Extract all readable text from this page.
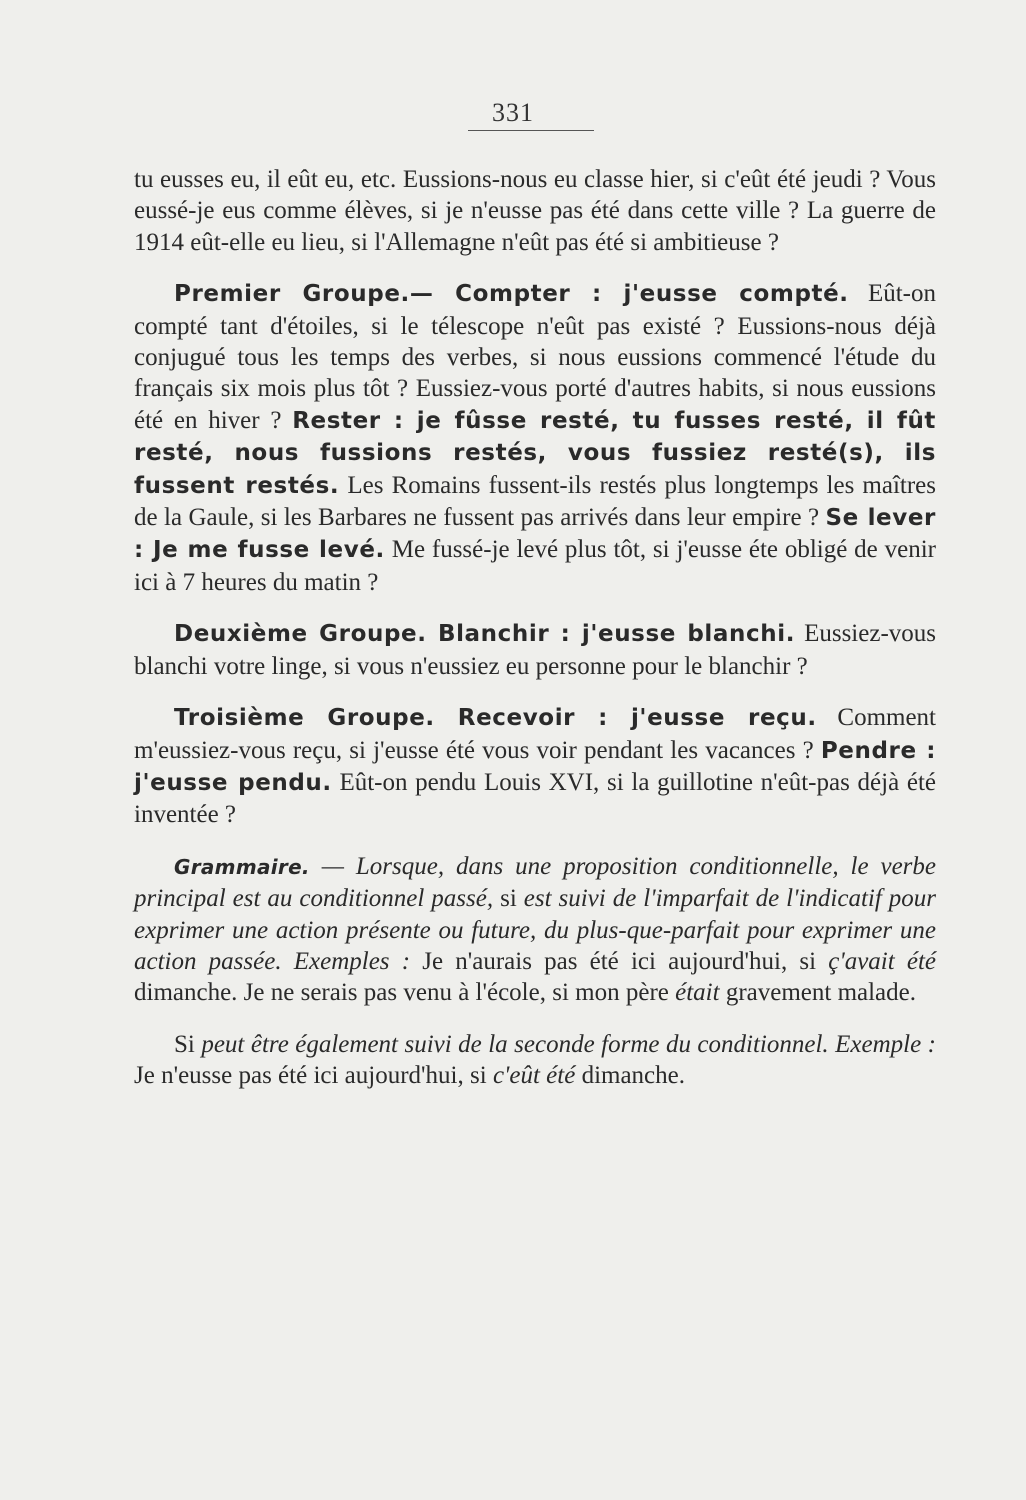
331

tu eusses eu, il eût eu, etc. Eussions-nous eu classe hier, si c'eût été jeudi ? Vous eussé-je eus comme élèves, si je n'eusse pas été dans cette ville ? La guerre de 1914 eût-elle eu lieu, si l'Allemagne n'eût pas été si ambitieuse ?

Premier Groupe.— Compter : j'eusse compté. Eût-on compté tant d'étoiles, si le télescope n'eût pas existé ? Eussions-nous déjà conjugué tous les temps des verbes, si nous eussions commencé l'étude du français six mois plus tôt ? Eussiez-vous porté d'autres habits, si nous eussions été en hiver ? Rester : je fûsse resté, tu fusses resté, il fût resté, nous fussions restés, vous fussiez resté(s), ils fussent restés. Les Romains fussent-ils restés plus longtemps les maîtres de la Gaule, si les Barbares ne fussent pas arrivés dans leur empire ? Se lever : Je me fusse levé. Me fussé-je levé plus tôt, si j'eusse éte obligé de venir ici à 7 heures du matin ?

Deuxième Groupe. Blanchir : j'eusse blanchi. Eussiez-vous blanchi votre linge, si vous n'eussiez eu personne pour le blanchir ?

Troisième Groupe. Recevoir : j'eusse reçu. Comment m'eussiez-vous reçu, si j'eusse été vous voir pendant les vacances ? Pendre : j'eusse pendu. Eût-on pendu Louis XVI, si la guillotine n'eût-pas déjà été inventée ?

Grammaire. — Lorsque, dans une proposition conditionnelle, le verbe principal est au conditionnel passé, si est suivi de l'imparfait de l'indicatif pour exprimer une action présente ou future, du plus-que-parfait pour exprimer une action passée. Exemples : Je n'aurais pas été ici aujourd'hui, si ç'avait été dimanche. Je ne serais pas venu à l'école, si mon père était gravement malade.

Si peut être également suivi de la seconde forme du conditionnel. Exemple : Je n'eusse pas été ici aujourd'hui, si c'eût été dimanche.
